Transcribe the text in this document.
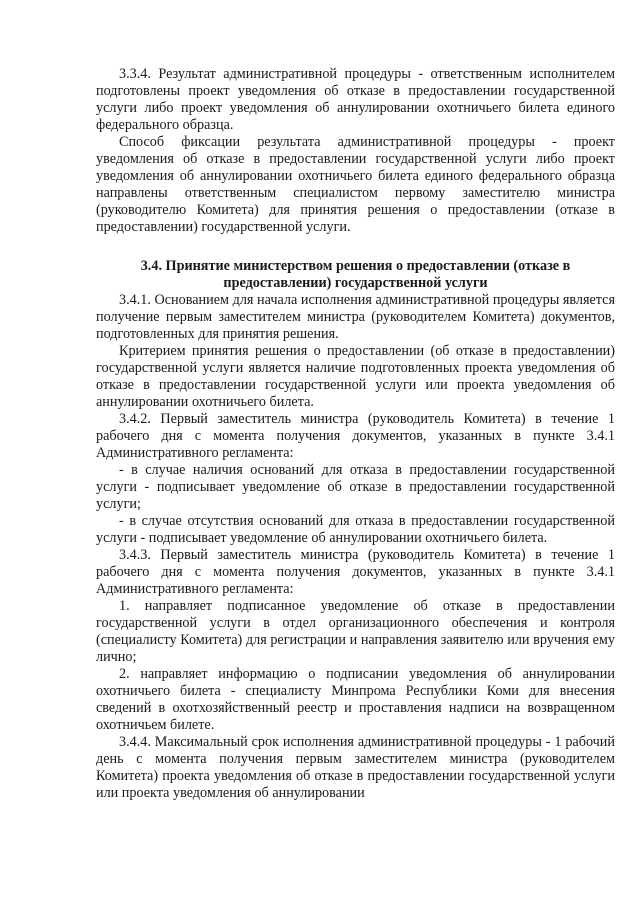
3.3.4. Результат административной процедуры - ответственным исполнителем подготовлены проект уведомления об отказе в предоставлении государственной услуги либо проект уведомления об аннулировании охотничьего билета единого федерального образца.

Способ фиксации результата административной процедуры - проект уведомления об отказе в предоставлении государственной услуги либо проект уведомления об аннулировании охотничьего билета единого федерального образца направлены ответственным специалистом первому заместителю министра (руководителю Комитета) для принятия решения о предоставлении (отказе в предоставлении) государственной услуги.

3.4. Принятие министерством решения о предоставлении (отказе в предоставлении) государственной услуги

3.4.1. Основанием для начала исполнения административной процедуры является получение первым заместителем министра (руководителем Комитета) документов, подготовленных для принятия решения.

Критерием принятия решения о предоставлении (об отказе в предоставлении) государственной услуги является наличие подготовленных проекта уведомления об отказе в предоставлении государственной услуги или проекта уведомления об аннулировании охотничьего билета.

3.4.2. Первый заместитель министра (руководитель Комитета) в течение 1 рабочего дня с момента получения документов, указанных в пункте 3.4.1 Административного регламента:

- в случае наличия оснований для отказа в предоставлении государственной услуги - подписывает уведомление об отказе в предоставлении государственной услуги;

- в случае отсутствия оснований для отказа в предоставлении государственной услуги - подписывает уведомление об аннулировании охотничьего билета.

3.4.3. Первый заместитель министра (руководитель Комитета) в течение 1 рабочего дня с момента получения документов, указанных в пункте 3.4.1 Административного регламента:

1. направляет подписанное уведомление об отказе в предоставлении государственной услуги в отдел организационного обеспечения и контроля (специалисту Комитета) для регистрации и направления заявителю или вручения ему лично;

2. направляет информацию о подписании уведомления об аннулировании охотничьего билета - специалисту Минпрома Республики Коми для внесения сведений в охотхозяйственный реестр и проставления надписи на возвращенном охотничьем билете.

3.4.4. Максимальный срок исполнения административной процедуры - 1 рабочий день с момента получения первым заместителем министра (руководителем Комитета) проекта уведомления об отказе в предоставлении государственной услуги или проекта уведомления об аннулировании
